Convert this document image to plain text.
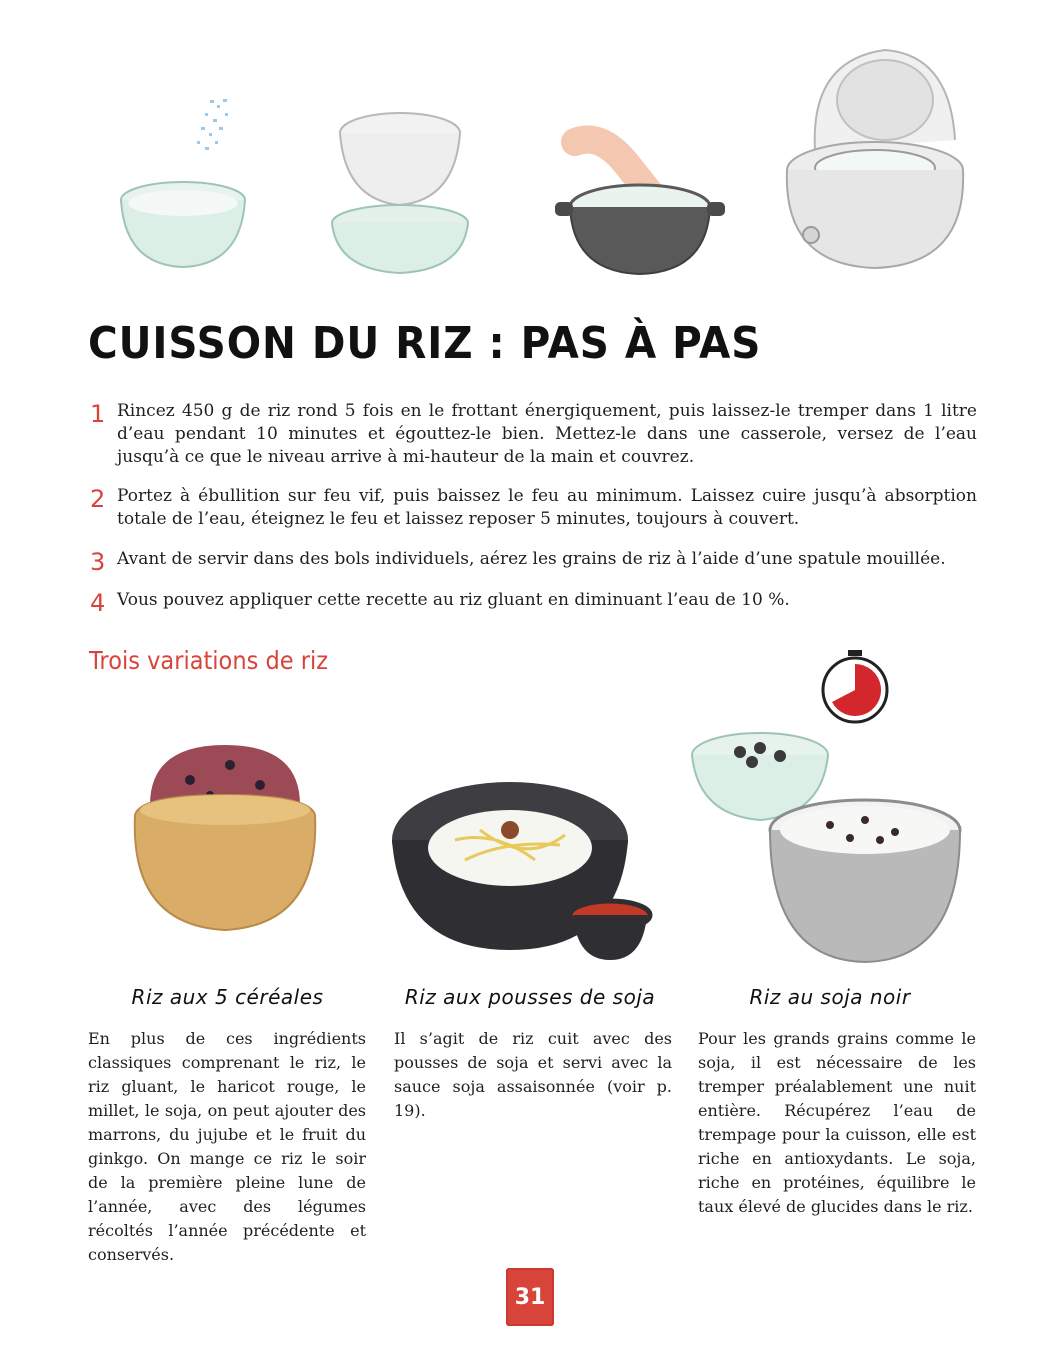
CUISSON DU RIZ : PAS À PAS
1 Rincez 450 g de riz rond 5 fois en le frottant énergiquement, puis laissez-le tremper dans 1 litre d’eau pendant 10 minutes et égouttez-le bien. Mettez-le dans une casserole, versez de l’eau jusqu’à ce que le niveau arrive à mi-hauteur de la main et couvrez.

2 Portez à ébullition sur feu vif, puis baissez le feu au minimum. Laissez cuire jusqu’à absorption totale de l’eau, éteignez le feu et laissez reposer 5 minutes, toujours à couvert.

3 Avant de servir dans des bols individuels, aérez les grains de riz à l’aide d’une spatule mouillée.

4 Vous pouvez appliquer cette recette au riz gluant en diminuant l’eau de 10 %.

Trois variations de riz
Riz aux 5 céréales	Riz aux pousses de soja	Riz au soja noir

En plus de ces ingrédients classiques comprenant le riz, le riz gluant, le haricot rouge, le millet, le soja, on peut ajouter des marrons, du jujube et le fruit du ginkgo. On mange ce riz le soir de la première pleine lune de l’année, avec des légumes récoltés l’année précédente et conservés.

Il s’agit de riz cuit avec des pousses de soja et servi avec la sauce soja assaisonnée (voir p. 19).

Pour les grands grains comme le soja, il est nécessaire de les tremper préalablement une nuit entière. Récupérez l’eau de trempage pour la cuisson, elle est riche en antioxydants. Le soja, riche en protéines, équilibre le taux élevé de glucides dans le riz.

31
